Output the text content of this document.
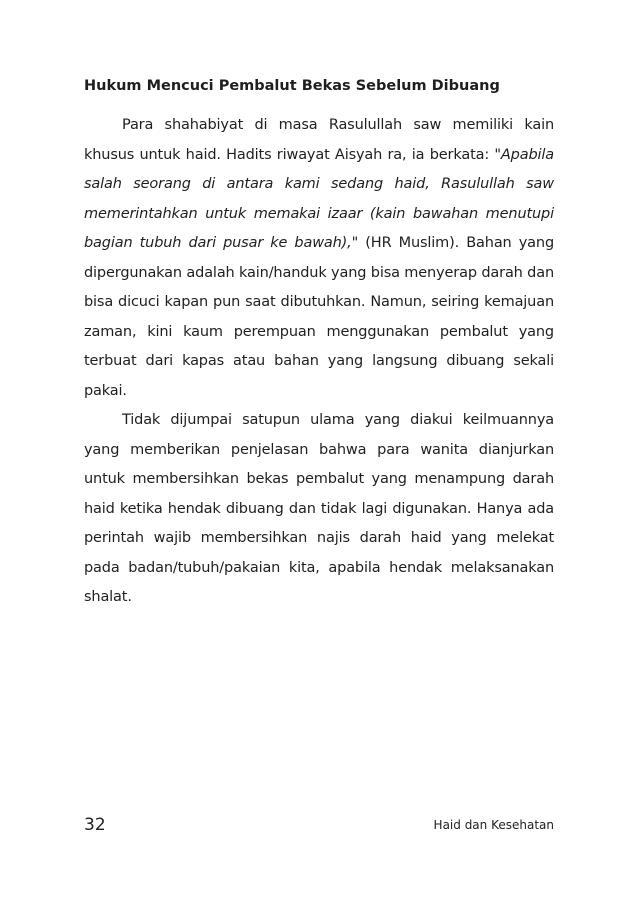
Hukum Mencuci Pembalut Bekas Sebelum Dibuang

Para shahabiyat di masa Rasulullah saw memiliki kain khusus untuk haid. Hadits riwayat Aisyah ra, ia berkata: "Apabila salah seorang di antara kami sedang haid, Rasulullah saw memerintahkan untuk memakai izaar (kain bawahan menutupi bagian tubuh dari pusar ke bawah)," (HR Muslim). Bahan yang dipergunakan adalah kain/handuk yang bisa menyerap darah dan bisa dicuci kapan pun saat dibutuhkan. Namun, seiring kemajuan zaman, kini kaum perempuan menggunakan pembalut yang terbuat dari kapas atau bahan yang langsung dibuang sekali pakai.

Tidak dijumpai satupun ulama yang diakui keilmuannya yang memberikan penjelasan bahwa para wanita dianjurkan untuk membersihkan bekas pembalut yang menampung darah haid ketika hendak dibuang dan tidak lagi digunakan. Hanya ada perintah wajib membersihkan najis darah haid yang melekat pada badan/tubuh/pakaian kita, apabila hendak melaksanakan shalat.

32	Haid dan Kesehatan
